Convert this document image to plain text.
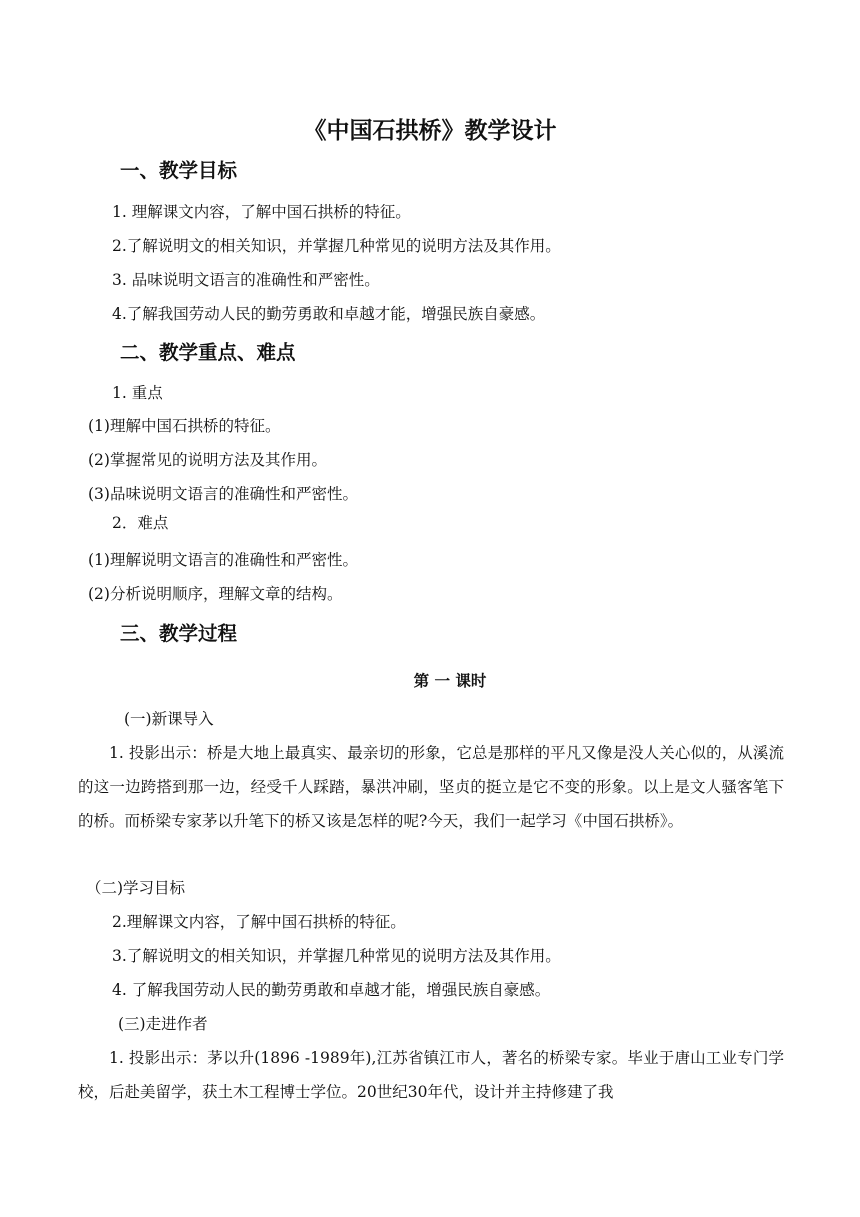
《中国石拱桥》教学设计
一、教学目标
1. 理解课文内容，了解中国石拱桥的特征。
2.了解说明文的相关知识，并掌握几种常见的说明方法及其作用。
3. 品味说明文语言的准确性和严密性。
4.了解我国劳动人民的勤劳勇敢和卓越才能，增强民族自豪感。
二、教学重点、难点
1. 重点
(1)理解中国石拱桥的特征。
(2)掌握常见的说明方法及其作用。
(3)品味说明文语言的准确性和严密性。
2．难点
(1)理解说明文语言的准确性和严密性。
(2)分析说明顺序，理解文章的结构。
三、教学过程
第 一 课时
(一)新课导入
1. 投影出示：桥是大地上最真实、最亲切的形象，它总是那样的平凡又像是没人关心似的，从溪流的这一边跨搭到那一边，经受千人踩踏，暴洪冲刷，坚贞的挺立是它不变的形象。以上是文人骚客笔下的桥。而桥梁专家茅以升笔下的桥又该是怎样的呢?今天，我们一起学习《中国石拱桥》。
（二)学习目标
2.理解课文内容，了解中国石拱桥的特征。
3.了解说明文的相关知识，并掌握几种常见的说明方法及其作用。
4. 了解我国劳动人民的勤劳勇敢和卓越才能，增强民族自豪感。
(三)走进作者
1. 投影出示：茅以升(1896 -1989年),江苏省镇江市人，著名的桥梁专家。毕业于唐山工业专门学校，后赴美留学，获土木工程博士学位。20世纪30年代，设计并主持修建了我
